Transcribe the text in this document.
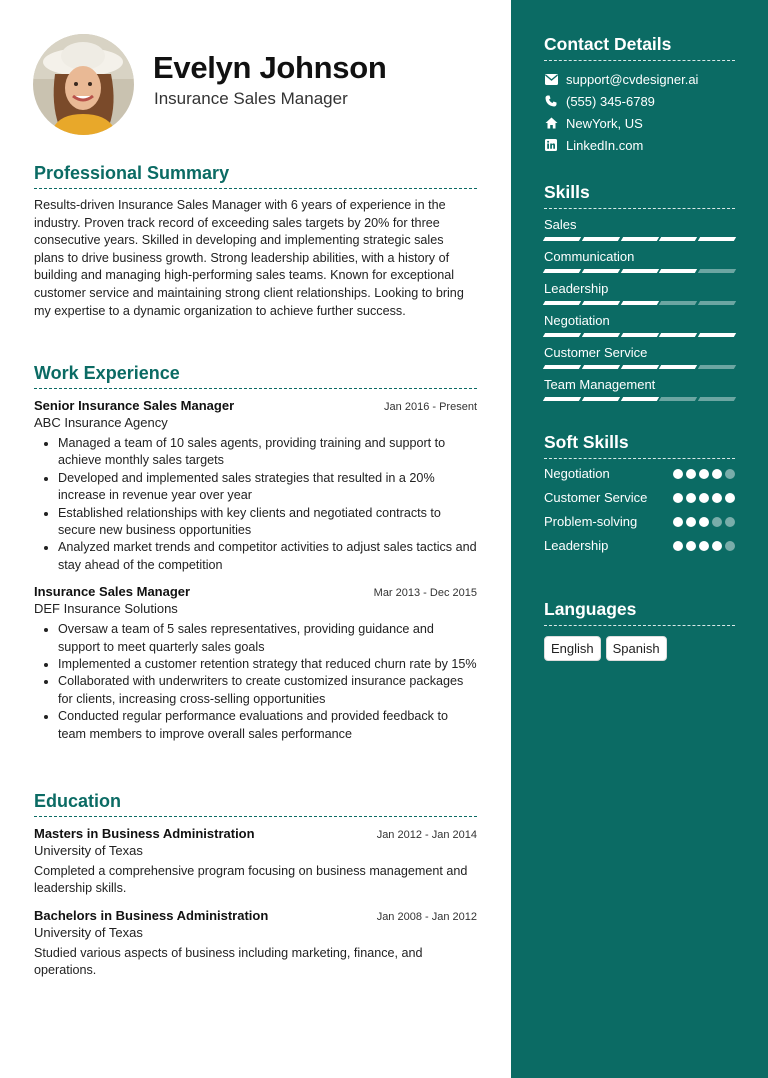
Evelyn Johnson
Insurance Sales Manager
Professional Summary
Results-driven Insurance Sales Manager with 6 years of experience in the industry. Proven track record of exceeding sales targets by 20% for three consecutive years. Skilled in developing and implementing strategic sales plans to drive business growth. Strong leadership abilities, with a history of building and managing high-performing sales teams. Known for exceptional customer service and maintaining strong client relationships. Looking to bring my expertise to a dynamic organization to achieve further success.
Work Experience
Senior Insurance Sales Manager	Jan 2016 - Present
ABC Insurance Agency
• Managed a team of 10 sales agents, providing training and support to achieve monthly sales targets
• Developed and implemented sales strategies that resulted in a 20% increase in revenue year over year
• Established relationships with key clients and negotiated contracts to secure new business opportunities
• Analyzed market trends and competitor activities to adjust sales tactics and stay ahead of the competition
Insurance Sales Manager	Mar 2013 - Dec 2015
DEF Insurance Solutions
• Oversaw a team of 5 sales representatives, providing guidance and support to meet quarterly sales goals
• Implemented a customer retention strategy that reduced churn rate by 15%
• Collaborated with underwriters to create customized insurance packages for clients, increasing cross-selling opportunities
• Conducted regular performance evaluations and provided feedback to team members to improve overall sales performance
Education
Masters in Business Administration	Jan 2012 - Jan 2014
University of Texas
Completed a comprehensive program focusing on business management and leadership skills.
Bachelors in Business Administration	Jan 2008 - Jan 2012
University of Texas
Studied various aspects of business including marketing, finance, and operations.
Contact Details
support@cvdesigner.ai
(555) 345-6789
NewYork, US
LinkedIn.com
Skills
Sales
Communication
Leadership
Negotiation
Customer Service
Team Management
Soft Skills
Negotiation
Customer Service
Problem-solving
Leadership
Languages
English	Spanish
